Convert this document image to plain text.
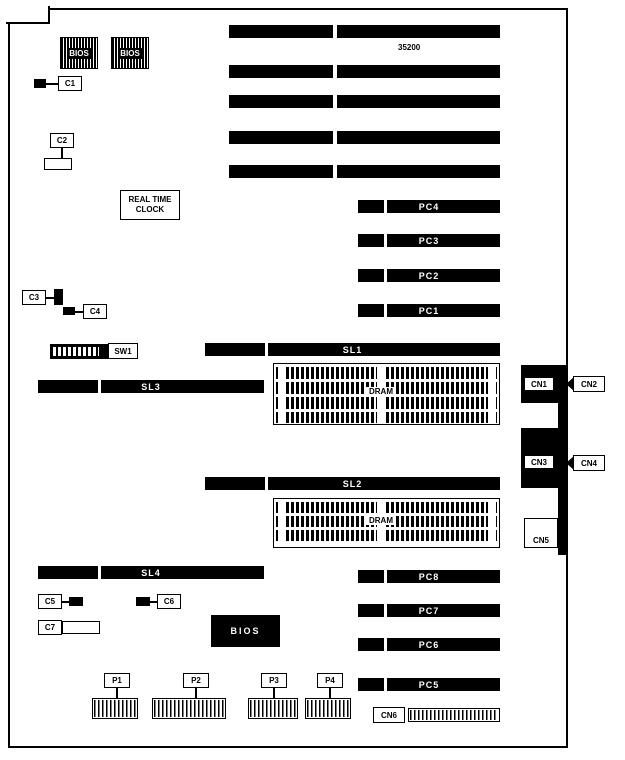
35200
PC4
PC3
PC2
PC1
PC8
PC7
PC6
PC5
SL1
SL3
SL2
SL4
DRAM
DRAM
BIOS	BIOS
BIOS
REAL TIME
CLOCK
C1
C2
C3
C4
C5	C6
C7
SW1
CN1	CN2
CN3	CN4
CN5
P1	P2	P3	P4
CN6
